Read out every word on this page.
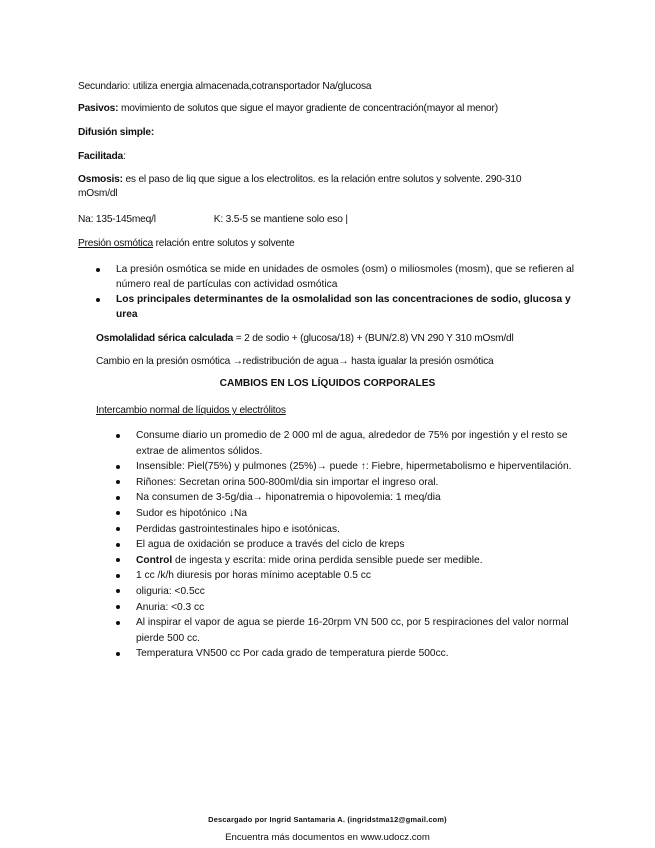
Secundario: utiliza energia almacenada,cotransportador Na/glucosa

Pasivos: movimiento de solutos que sigue el mayor gradiente de concentración(mayor al menor)

Difusión simple:

Facilitada:

Osmosis: es el paso de liq que sigue a los electrolitos. es la relación entre solutos y solvente. 290-310 mOsm/dl

Na: 135-145meq/l	K: 3.5-5 se mantiene solo eso |

Presión osmótica relación entre solutos y solvente

La presión osmótica se mide en unidades de osmoles (osm) o miliosmoles (mosm), que se refieren al número real de partículas con actividad osmótica
Los principales determinantes de la osmolalidad son las concentraciones de sodio, glucosa y urea

Osmolalidad sérica calculada = 2 de sodio + (glucosa/18) + (BUN/2.8) VN 290 Y 310 mOsm/dl

Cambio en la presión osmótica →redistribución de agua→ hasta igualar la presión osmótica

CAMBIOS EN LOS LÍQUIDOS CORPORALES

Intercambio normal de líquidos y electrólitos

Consume diario un promedio de 2 000 ml de agua, alrededor de 75% por ingestión y el resto se extrae de alimentos sólidos.
Insensible: Piel(75%) y pulmones (25%)→ puede ↑: Fiebre, hipermetabolismo e hiperventilación.
Riñones: Secretan orina 500-800ml/dia sin importar el ingreso oral.
Na consumen de 3-5g/dia→ hiponatremia o hipovolemia: 1 meq/dia
Sudor es hipotónico ↓Na
Perdidas gastrointestinales hipo e isotónicas.
El agua de oxidación se produce a través del ciclo de kreps
Control de ingesta y escrita: mide orina perdida sensible puede ser medible.
1 cc /k/h diuresis por horas mínimo aceptable 0.5 cc
oliguria: <0.5cc
Anuria: <0.3 cc
Al inspirar el vapor de agua se pierde 16-20rpm VN 500 cc, por 5 respiraciones del valor normal pierde 500 cc.
Temperatura VN500 cc Por cada grado de temperatura pierde 500cc.
Descargado por Ingrid Santamaria A. (ingridstma12@gmail.com)
Encuentra más documentos en www.udocz.com
